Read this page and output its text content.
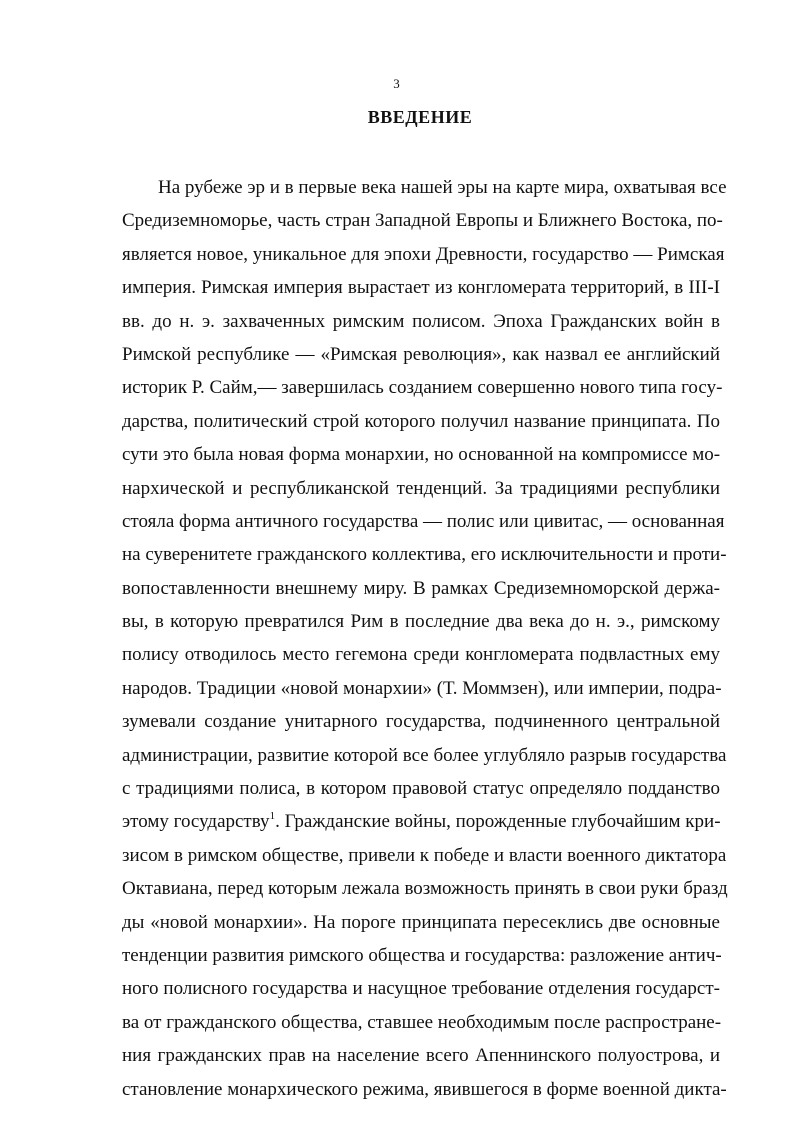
3
ВВЕДЕНИЕ
На рубеже эр и в первые века нашей эры на карте мира, охватывая все
Средиземноморье, часть стран Западной Европы и Ближнего Востока, по-
является новое, уникальное для эпохи Древности, государство — Римская
империя. Римская империя вырастает из конгломерата территорий, в III-I
вв. до н. э. захваченных римским полисом. Эпоха Гражданских войн в
Римской республике — «Римская революция», как назвал ее английский
историк Р. Сайм,— завершилась созданием совершенно нового типа госу-
дарства, политический строй которого получил название принципата. По
сути это была новая форма монархии, но основанной на компромиссе мо-
нархической и республиканской тенденций. За традициями республики
стояла форма античного государства — полис или цивитас, — основанная
на суверенитете гражданского коллектива, его исключительности и проти-
вопоставленности внешнему миру. В рамках Средиземноморской держа-
вы, в которую превратился Рим в последние два века до н. э., римскому
полису отводилось место гегемона среди конгломерата подвластных ему
народов. Традиции «новой монархии» (Т. Моммзен), или империи, подра-
зумевали создание унитарного государства, подчиненного центральной
администрации, развитие которой все более углубляло разрыв государства
с традициями полиса, в котором правовой статус определяло подданство
этому государству$^1$. Гражданские войны, порожденные глубочайшим кри-
зисом в римском обществе, привели к победе и власти военного диктатора
Октавиана, перед которым лежала возможность принять в свои руки бразд
ды «новой монархии». На пороге принципата пересеклись две основные
тенденции развития римского общества и государства: разложение антич-
ного полисного государства и насущное требование отделения государст-
ва от гражданского общества, ставшее необходимым после распростране-
ния гражданских прав на население всего Апеннинского полуострова, и
становление монархического режима, явившегося в форме военной дикта-
